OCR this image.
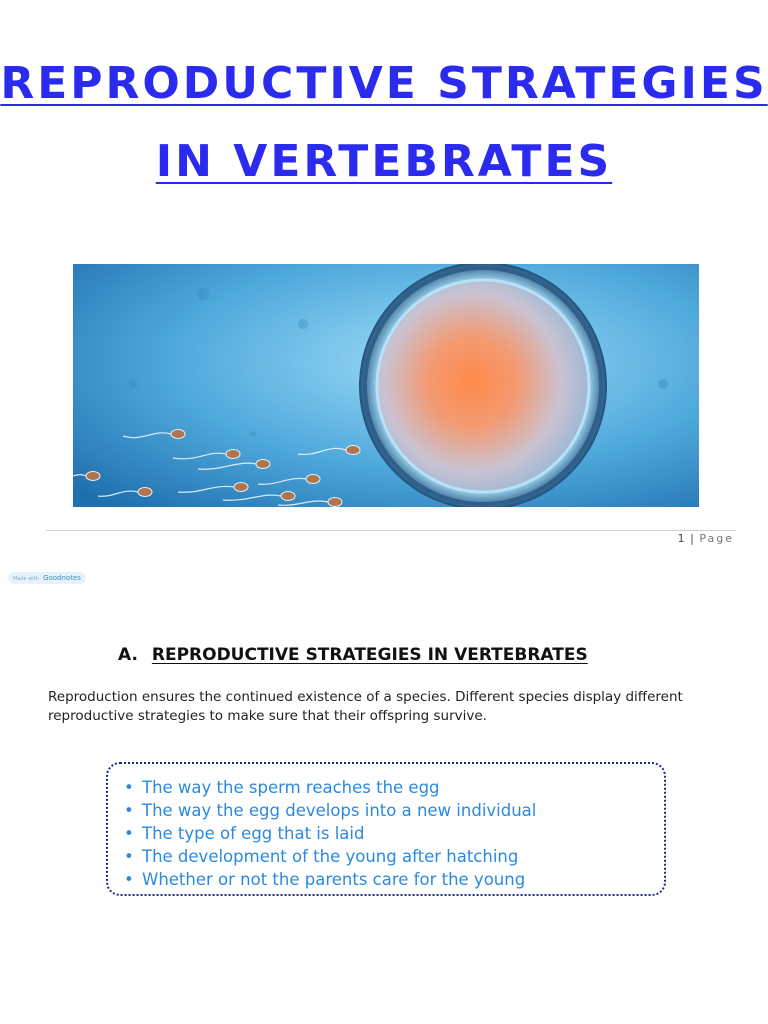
REPRODUCTIVE STRATEGIES
IN VERTEBRATES
1 | Page
Made with Goodnotes
A. REPRODUCTIVE STRATEGIES IN VERTEBRATES
Reproduction ensures the continued existence of a species. Different species display different reproductive strategies to make sure that their offspring survive.
• The way the sperm reaches the egg
• The way the egg develops into a new individual
• The type of egg that is laid
• The development of the young after hatching
• Whether or not the parents care for the young
